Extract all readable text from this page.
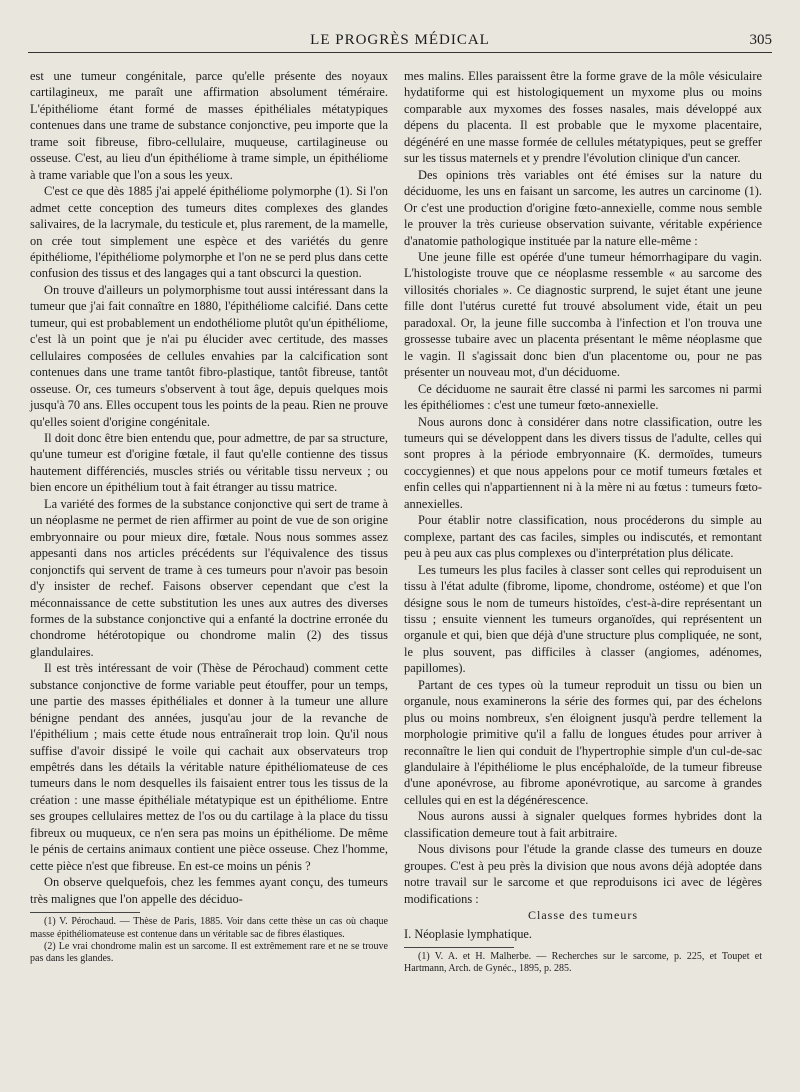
LE PROGRÈS MÉDICAL	305

est une tumeur congénitale, parce qu'elle présente des noyaux cartilagineux, me paraît une affirmation absolument téméraire. L'épithéliome étant formé de masses épithéliales métatypiques contenues dans une trame de substance conjonctive, peu importe que la trame soit fibreuse, fibro-cellulaire, muqueuse, cartilagineuse ou osseuse. C'est, au lieu d'un épithéliome à trame simple, un épithéliome à trame variable que l'on a sous les yeux.

C'est ce que dès 1885 j'ai appelé épithéliome polymorphe (1). Si l'on admet cette conception des tumeurs dites complexes des glandes salivaires, de la lacrymale, du testicule et, plus rarement, de la mamelle, on crée tout simplement une espèce et des variétés du genre épithéliome, l'épithéliome polymorphe et l'on ne se perd plus dans cette confusion des tissus et des langages qui a tant obscurci la question.

On trouve d'ailleurs un polymorphisme tout aussi intéressant dans la tumeur que j'ai fait connaître en 1880, l'épithéliome calcifié. Dans cette tumeur, qui est probablement un endothéliome plutôt qu'un épithéliome, c'est là un point que je n'ai pu élucider avec certitude, des masses cellulaires composées de cellules envahies par la calcification sont contenues dans une trame tantôt fibro-plastique, tantôt fibreuse, tantôt osseuse. Or, ces tumeurs s'observent à tout âge, depuis quelques mois jusqu'à 70 ans. Elles occupent tous les points de la peau. Rien ne prouve qu'elles soient d'origine congénitale.

Il doit donc être bien entendu que, pour admettre, de par sa structure, qu'une tumeur est d'origine fœtale, il faut qu'elle contienne des tissus hautement différenciés, muscles striés ou véritable tissu nerveux ; ou bien encore un épithélium tout à fait étranger au tissu matrice.

La variété des formes de la substance conjonctive qui sert de trame à un néoplasme ne permet de rien affirmer au point de vue de son origine embryonnaire ou pour mieux dire, fœtale. Nous nous sommes assez appesanti dans nos articles précédents sur l'équivalence des tissus conjonctifs qui servent de trame à ces tumeurs pour n'avoir pas besoin d'y insister de rechef. Faisons observer cependant que c'est la méconnaissance de cette substitution les unes aux autres des diverses formes de la substance conjonctive qui a enfanté la doctrine erronée du chondrome hétérotopique ou chondrome malin (2) des tissus glandulaires.

Il est très intéressant de voir (Thèse de Pérochaud) comment cette substance conjonctive de forme variable peut étouffer, pour un temps, une partie des masses épithéliales et donner à la tumeur une allure bénigne pendant des années, jusqu'au jour de la revanche de l'épithélium ; mais cette étude nous entraînerait trop loin. Qu'il nous suffise d'avoir dissipé le voile qui cachait aux observateurs trop empêtrés dans les détails la véritable nature épithéliomateuse de ces tumeurs dans le nom desquelles ils faisaient entrer tous les tissus de la création : une masse épithéliale métatypique est un épithéliome. Entre ses groupes cellulaires mettez de l'os ou du cartilage à la place du tissu fibreux ou muqueux, ce n'en sera pas moins un épithéliome. De même le pénis de certains animaux contient une pièce osseuse. Chez l'homme, cette pièce n'est que fibreuse. En est-ce moins un pénis ?

On observe quelquefois, chez les femmes ayant conçu, des tumeurs très malignes que l'on appelle des déciduo-

(1) V. Pérochaud. — Thèse de Paris, 1885. Voir dans cette thèse un cas où chaque masse épithéliomateuse est contenue dans un véritable sac de fibres élastiques.

(2) Le vrai chondrome malin est un sarcome. Il est extrêmement rare et ne se trouve pas dans les glandes.

mes malins. Elles paraissent être la forme grave de la môle vésiculaire hydatiforme qui est histologiquement un myxome plus ou moins comparable aux myxomes des fosses nasales, mais développé aux dépens du placenta. Il est probable que le myxome placentaire, dégénéré en une masse formée de cellules métatypiques, peut se greffer sur les tissus maternels et y prendre l'évolution clinique d'un cancer.

Des opinions très variables ont été émises sur la nature du déciduome, les uns en faisant un sarcome, les autres un carcinome (1). Or c'est une production d'origine fœto-annexielle, comme nous semble le prouver la très curieuse observation suivante, véritable expérience d'anatomie pathologique instituée par la nature elle-même :

Une jeune fille est opérée d'une tumeur hémorrhagipare du vagin. L'histologiste trouve que ce néoplasme ressemble « au sarcome des villosités choriales ». Ce diagnostic surprend, le sujet étant une jeune fille dont l'utérus curetté fut trouvé absolument vide, était un peu paradoxal. Or, la jeune fille succomba à l'infection et l'on trouva une grossesse tubaire avec un placenta présentant le même néoplasme que le vagin. Il s'agissait donc bien d'un placentome ou, pour ne pas présenter un nouveau mot, d'un déciduome.

Ce déciduome ne saurait être classé ni parmi les sarcomes ni parmi les épithéliomes : c'est une tumeur fœto-annexielle.

Nous aurons donc à considérer dans notre classification, outre les tumeurs qui se développent dans les divers tissus de l'adulte, celles qui sont propres à la période embryonnaire (K. dermoïdes, tumeurs coccygiennes) et que nous appelons pour ce motif tumeurs fœtales et enfin celles qui n'appartiennent ni à la mère ni au fœtus : tumeurs fœto-annexielles.

Pour établir notre classification, nous procéderons du simple au complexe, partant des cas faciles, simples ou indiscutés, et remontant peu à peu aux cas plus complexes ou d'interprétation plus délicate.

Les tumeurs les plus faciles à classer sont celles qui reproduisent un tissu à l'état adulte (fibrome, lipome, chondrome, ostéome) et que l'on désigne sous le nom de tumeurs histoïdes, c'est-à-dire représentant un tissu ; ensuite viennent les tumeurs organoïdes, qui représentent un organule et qui, bien que déjà d'une structure plus compliquée, ne sont, le plus souvent, pas difficiles à classer (angiomes, adénomes, papillomes).

Partant de ces types où la tumeur reproduit un tissu ou bien un organule, nous examinerons la série des formes qui, par des échelons plus ou moins nombreux, s'en éloignent jusqu'à perdre tellement la morphologie primitive qu'il a fallu de longues études pour arriver à reconnaître le lien qui conduit de l'hypertrophie simple d'un cul-de-sac glandulaire à l'épithéliome le plus encéphaloïde, de la tumeur fibreuse d'une aponévrose, au fibrome aponévrotique, au sarcome à grandes cellules qui en est la dégénérescence.

Nous aurons aussi à signaler quelques formes hybrides dont la classification demeure tout à fait arbitraire.

Nous divisons pour l'étude la grande classe des tumeurs en douze groupes. C'est à peu près la division que nous avons déjà adoptée dans notre travail sur le sarcome et que reproduisons ici avec de légères modifications :

Classe des tumeurs

I. Néoplasie lymphatique.

(1) V. A. et H. Malherbe. — Recherches sur le sarcome, p. 225, et Toupet et Hartmann, Arch. de Gynéc., 1895, p. 285.
